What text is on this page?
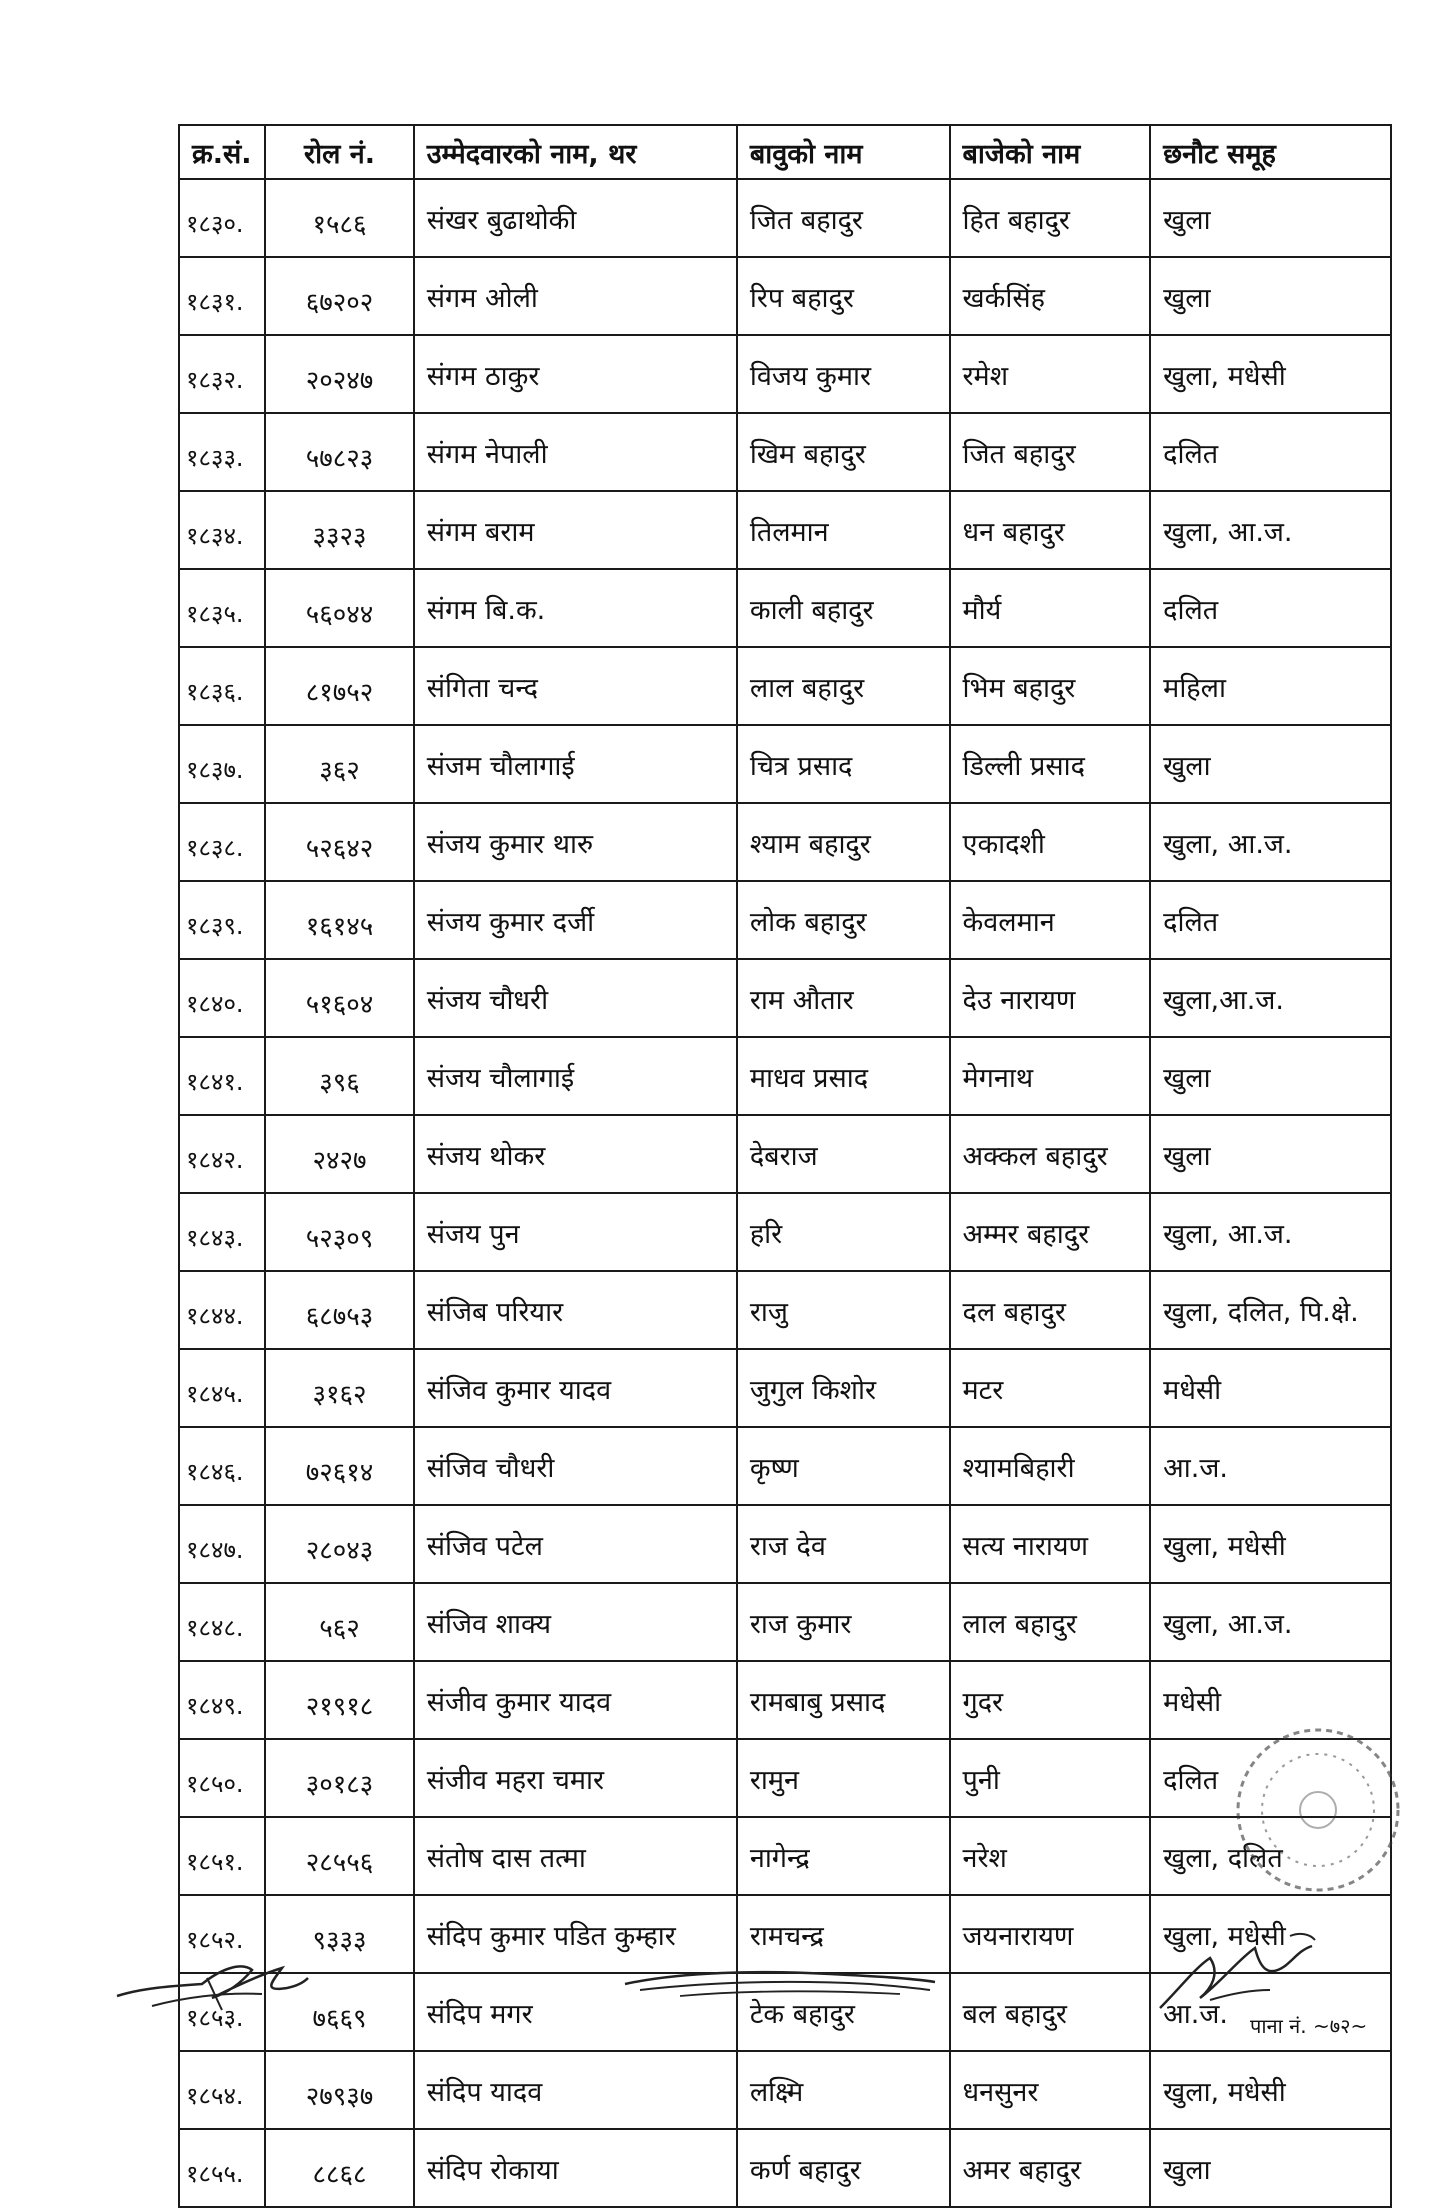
क्र.सं.	रोल नं.	उम्मेदवारको नाम, थर	बावुको नाम	बाजेको नाम	छनौट समूह
१८३०.	१५८६	संखर बुढाथोकी	जित बहादुर	हित बहादुर	खुला
१८३१.	६७२०२	संगम ओली	रिप बहादुर	खर्कसिंह	खुला
१८३२.	२०२४७	संगम ठाकुर	विजय कुमार	रमेश	खुला, मधेसी
१८३३.	५७८२३	संगम नेपाली	खिम बहादुर	जित बहादुर	दलित
१८३४.	३३२३	संगम बराम	तिलमान	धन बहादुर	खुला, आ.ज.
१८३५.	५६०४४	संगम बि.क.	काली बहादुर	मौर्य	दलित
१८३६.	८१७५२	संगिता चन्द	लाल बहादुर	भिम बहादुर	महिला
१८३७.	३६२	संजम चौलागाई	चित्र प्रसाद	डिल्ली प्रसाद	खुला
१८३८.	५२६४२	संजय कुमार थारु	श्याम बहादुर	एकादशी	खुला, आ.ज.
१८३९.	१६१४५	संजय कुमार दर्जी	लोक बहादुर	केवलमान	दलित
१८४०.	५१६०४	संजय चौधरी	राम औतार	देउ नारायण	खुला,आ.ज.
१८४१.	३९६	संजय चौलागाई	माधव प्रसाद	मेगनाथ	खुला
१८४२.	२४२७	संजय थोकर	देबराज	अक्कल बहादुर	खुला
१८४३.	५२३०९	संजय पुन	हरि	अम्मर बहादुर	खुला, आ.ज.
१८४४.	६८७५३	संजिब परियार	राजु	दल बहादुर	खुला, दलित, पि.क्षे.
१८४५.	३१६२	संजिव कुमार यादव	जुगुल किशोर	मटर	मधेसी
१८४६.	७२६१४	संजिव चौधरी	कृष्ण	श्यामबिहारी	आ.ज.
१८४७.	२८०४३	संजिव पटेल	राज देव	सत्य नारायण	खुला, मधेसी
१८४८.	५६२	संजिव शाक्य	राज कुमार	लाल बहादुर	खुला, आ.ज.
१८४९.	२१९१८	संजीव कुमार यादव	रामबाबु प्रसाद	गुदर	मधेसी
१८५०.	३०१८३	संजीव महरा चमार	रामुन	पुनी	दलित
१८५१.	२८५५६	संतोष दास तत्मा	नागेन्द्र	नरेश	खुला, दलित
१८५२.	९३३३	संदिप कुमार पडित कुम्हार	रामचन्द्र	जयनारायण	खुला, मधेसी
१८५३.	७६६९	संदिप मगर	टेक बहादुर	बल बहादुर	आ.ज.
१८५४.	२७९३७	संदिप यादव	लक्ष्मि	धनसुनर	खुला, मधेसी
१८५५.	८८६८	संदिप रोकाया	कर्ण बहादुर	अमर बहादुर	खुला
पाना नं. ~७२~
